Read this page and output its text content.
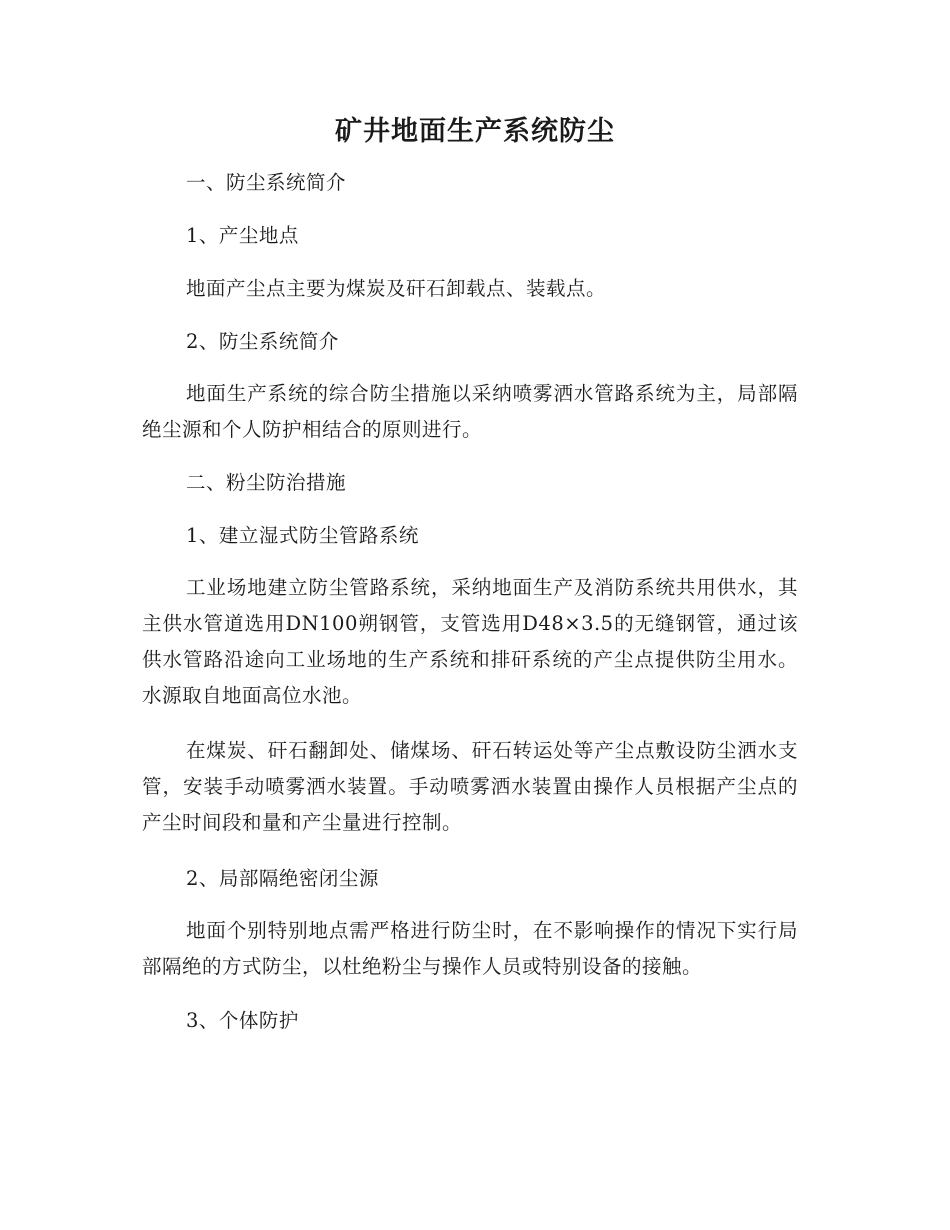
矿井地面生产系统防尘

一、防尘系统简介

1、产尘地点

地面产尘点主要为煤炭及矸石卸载点、装载点。

2、防尘系统简介

地面生产系统的综合防尘措施以采纳喷雾洒水管路系统为主，局部隔绝尘源和个人防护相结合的原则进行。

二、粉尘防治措施

1、建立湿式防尘管路系统

工业场地建立防尘管路系统，采纳地面生产及消防系统共用供水，其主供水管道选用DN100朔钢管，支管选用D48×3.5的无缝钢管，通过该供水管路沿途向工业场地的生产系统和排矸系统的产尘点提供防尘用水。水源取自地面高位水池。

在煤炭、矸石翻卸处、储煤场、矸石转运处等产尘点敷设防尘洒水支管，安装手动喷雾洒水装置。手动喷雾洒水装置由操作人员根据产尘点的产尘时间段和量和产尘量进行控制。

2、局部隔绝密闭尘源

地面个别特别地点需严格进行防尘时，在不影响操作的情况下实行局部隔绝的方式防尘，以杜绝粉尘与操作人员或特别设备的接触。

3、个体防护
